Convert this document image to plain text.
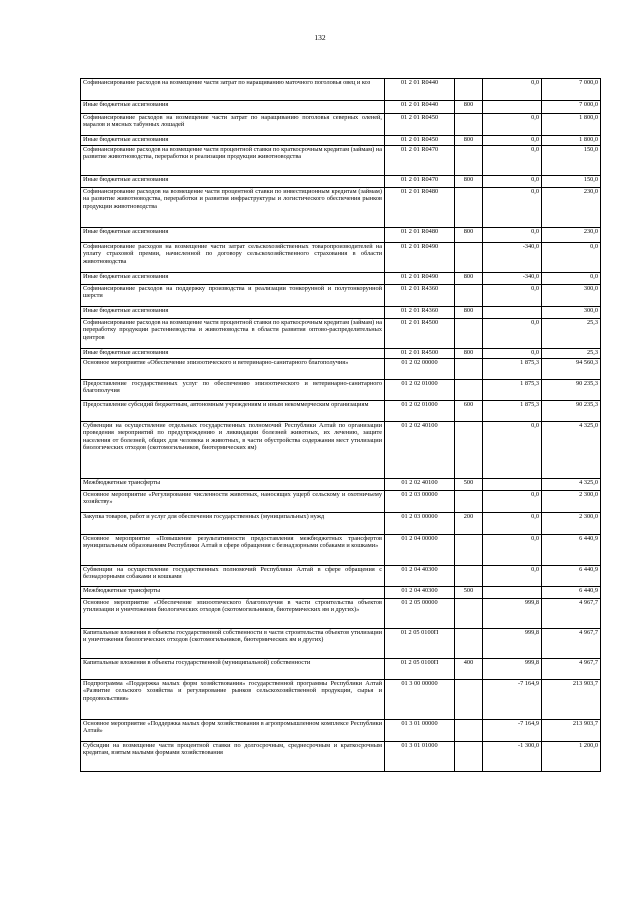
132
Софинансирование расходов на возмещение части затрат по наращиванию маточного поголовья овец и коз	01 2 01 R0440		0,0	7 000,0
Иные бюджетные ассигнования	01 2 01 R0440	800		7 000,0
Софинансирование расходов на возмещение части затрат по наращиванию поголовья северных оленей, маралов и мясных табунных лошадей	01 2 01 R0450		0,0	1 800,0
Иные бюджетные ассигнования	01 2 01 R0450	800	0,0	1 800,0
Софинансирование расходов на возмещение части процентной ставки по краткосрочным кредитам (займам) на развитие животноводства, переработки и реализации продукции животноводства	01 2 01 R0470		0,0	150,0
Иные бюджетные ассигнования	01 2 01 R0470	800	0,0	150,0
Софинансирование расходов на возмещение части процентной ставки по инвестиционным кредитам (займам) на развитие животноводства, переработки и развития инфраструктуры и логистического обеспечения рынков продукции животноводства	01 2 01 R0480		0,0	230,0
Иные бюджетные ассигнования	01 2 01 R0480	800	0,0	230,0
Софинансирование расходов на возмещение части затрат сельскохозяйственных товаропроизводителей на уплату страховой премии, начисленной по договору сельскохозяйственного страхования в области животноводства	01 2 01 R0490		-340,0	0,0
Иные бюджетные ассигнования	01 2 01 R0490	800	-340,0	0,0
Софинансирование расходов на поддержку производства и реализации тонкорунной и полутонкорунной шерсти	01 2 01 R4360		0,0	300,0
Иные бюджетные ассигнования	01 2 01 R4360	800		300,0
Софинансирование расходов на возмещение части процентной ставки по краткосрочным кредитам (займам) на переработку продукции растениеводства и животноводства в области развития оптово-распределительных центров	01 2 01 R4500		0,0	25,3
Иные бюджетные ассигнования	01 2 01 R4500	800	0,0	25,3
Основное мероприятие «Обеспечение эпизоотического и ветеринарно-санитарного благополучия»	01 2 02 00000		1 875,3	94 560,3
Предоставление государственных услуг по обеспечению эпизоотического и ветеринарно-санитарного благополучия	01 2 02 01000		1 875,3	90 235,3
Предоставление субсидий бюджетным, автономным учреждениям и иным некоммерческим организациям	01 2 02 01000	600	1 875,3	90 235,3
Субвенции на осуществление отдельных государственных полномочий Республики Алтай по организации проведения мероприятий по предупреждению и ликвидации болезней животных, их лечению, защите населения от болезней, общих для человека и животных, в части обустройства содержания мест утилизации биологических отходов (скотомогильников, биотермических ям)	01 2 02 40100		0,0	4 325,0
Межбюджетные трансферты	01 2 02 40100	500		4 325,0
Основное мероприятие «Регулирование численности животных, наносящих ущерб сельскому и охотничьему хозяйству»	01 2 03 00000		0,0	2 300,0
Закупка товаров, работ и услуг для обеспечения государственных (муниципальных) нужд	01 2 03 00000	200	0,0	2 300,0
Основное мероприятие «Повышение результативности предоставления межбюджетных трансфертов муниципальным образованиям Республики Алтай в сфере обращения с безнадзорными собаками и кошками»	01 2 04 00000		0,0	6 440,9
Субвенции на осуществление государственных полномочий Республики Алтай в сфере обращения с безнадзорными собаками и кошками	01 2 04 40300		0,0	6 440,9
Межбюджетные трансферты	01 2 04 40300	500		6 440,9
Основное мероприятие «Обеспечение эпизоотического благополучия в части строительства объектов утилизации и уничтожения биологических отходов (скотомогильников, биотермических ям и других)»	01 2 05 00000		999,8	4 967,7
Капитальные вложения в объекты государственной собственности в части строительства объектов утилизации и уничтожения биологических отходов (скотомогильников, биотермических ям и других)	01 2 05 0100П		999,8	4 967,7
Капитальные вложения в объекты государственной (муниципальной) собственности	01 2 05 0100П	400	999,8	4 967,7
Подпрограмма «Поддержка малых форм хозяйствования» государственной программы Республики Алтай «Развитие сельского хозяйства и регулирование рынков сельскохозяйственной продукции, сырья и продовольствия»	01 3 00 00000		-7 164,9	213 903,7
Основное мероприятие «Поддержка малых форм хозяйствования в агропромышленном комплексе Республики Алтай»	01 3 01 00000		-7 164,9	213 903,7
Субсидии на возмещение части процентной ставки по долгосрочным, среднесрочным и краткосрочным кредитам, взятым малыми формами хозяйствования	01 3 01 01000		-1 300,0	1 200,0
